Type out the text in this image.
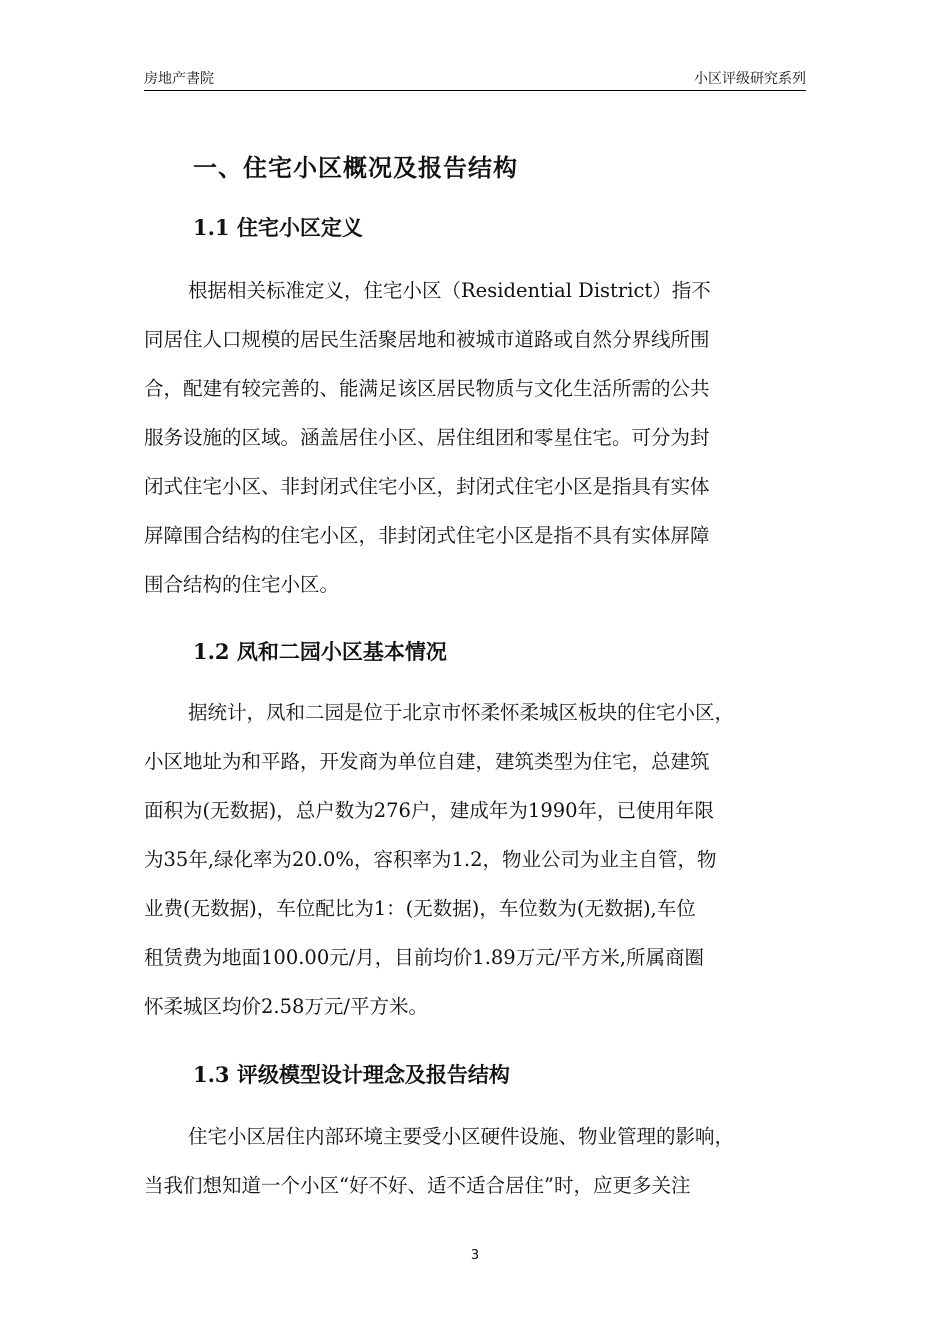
房地产書院	小区评级研究系列
一、住宅小区概况及报告结构
1.1 住宅小区定义
根据相关标准定义，住宅小区（Residential District）指不
同居住人口规模的居民生活聚居地和被城市道路或自然分界线所围
合，配建有较完善的、能满足该区居民物质与文化生活所需的公共
服务设施的区域。涵盖居住小区、居住组团和零星住宅。可分为封
闭式住宅小区、非封闭式住宅小区，封闭式住宅小区是指具有实体
屏障围合结构的住宅小区，非封闭式住宅小区是指不具有实体屏障
围合结构的住宅小区。
1.2 凤和二园小区基本情况
据统计，凤和二园是位于北京市怀柔怀柔城区板块的住宅小区，
小区地址为和平路，开发商为单位自建，建筑类型为住宅，总建筑
面积为(无数据)，总户数为276户，建成年为1990年，已使用年限
为35年,绿化率为20.0%，容积率为1.2，物业公司为业主自管，物
业费(无数据)，车位配比为1：(无数据)，车位数为(无数据),车位
租赁费为地面100.00元/月，目前均价1.89万元/平方米,所属商圈
怀柔城区均价2.58万元/平方米。
1.3 评级模型设计理念及报告结构
住宅小区居住内部环境主要受小区硬件设施、物业管理的影响，
当我们想知道一个小区“好不好、适不适合居住”时，应更多关注
3
